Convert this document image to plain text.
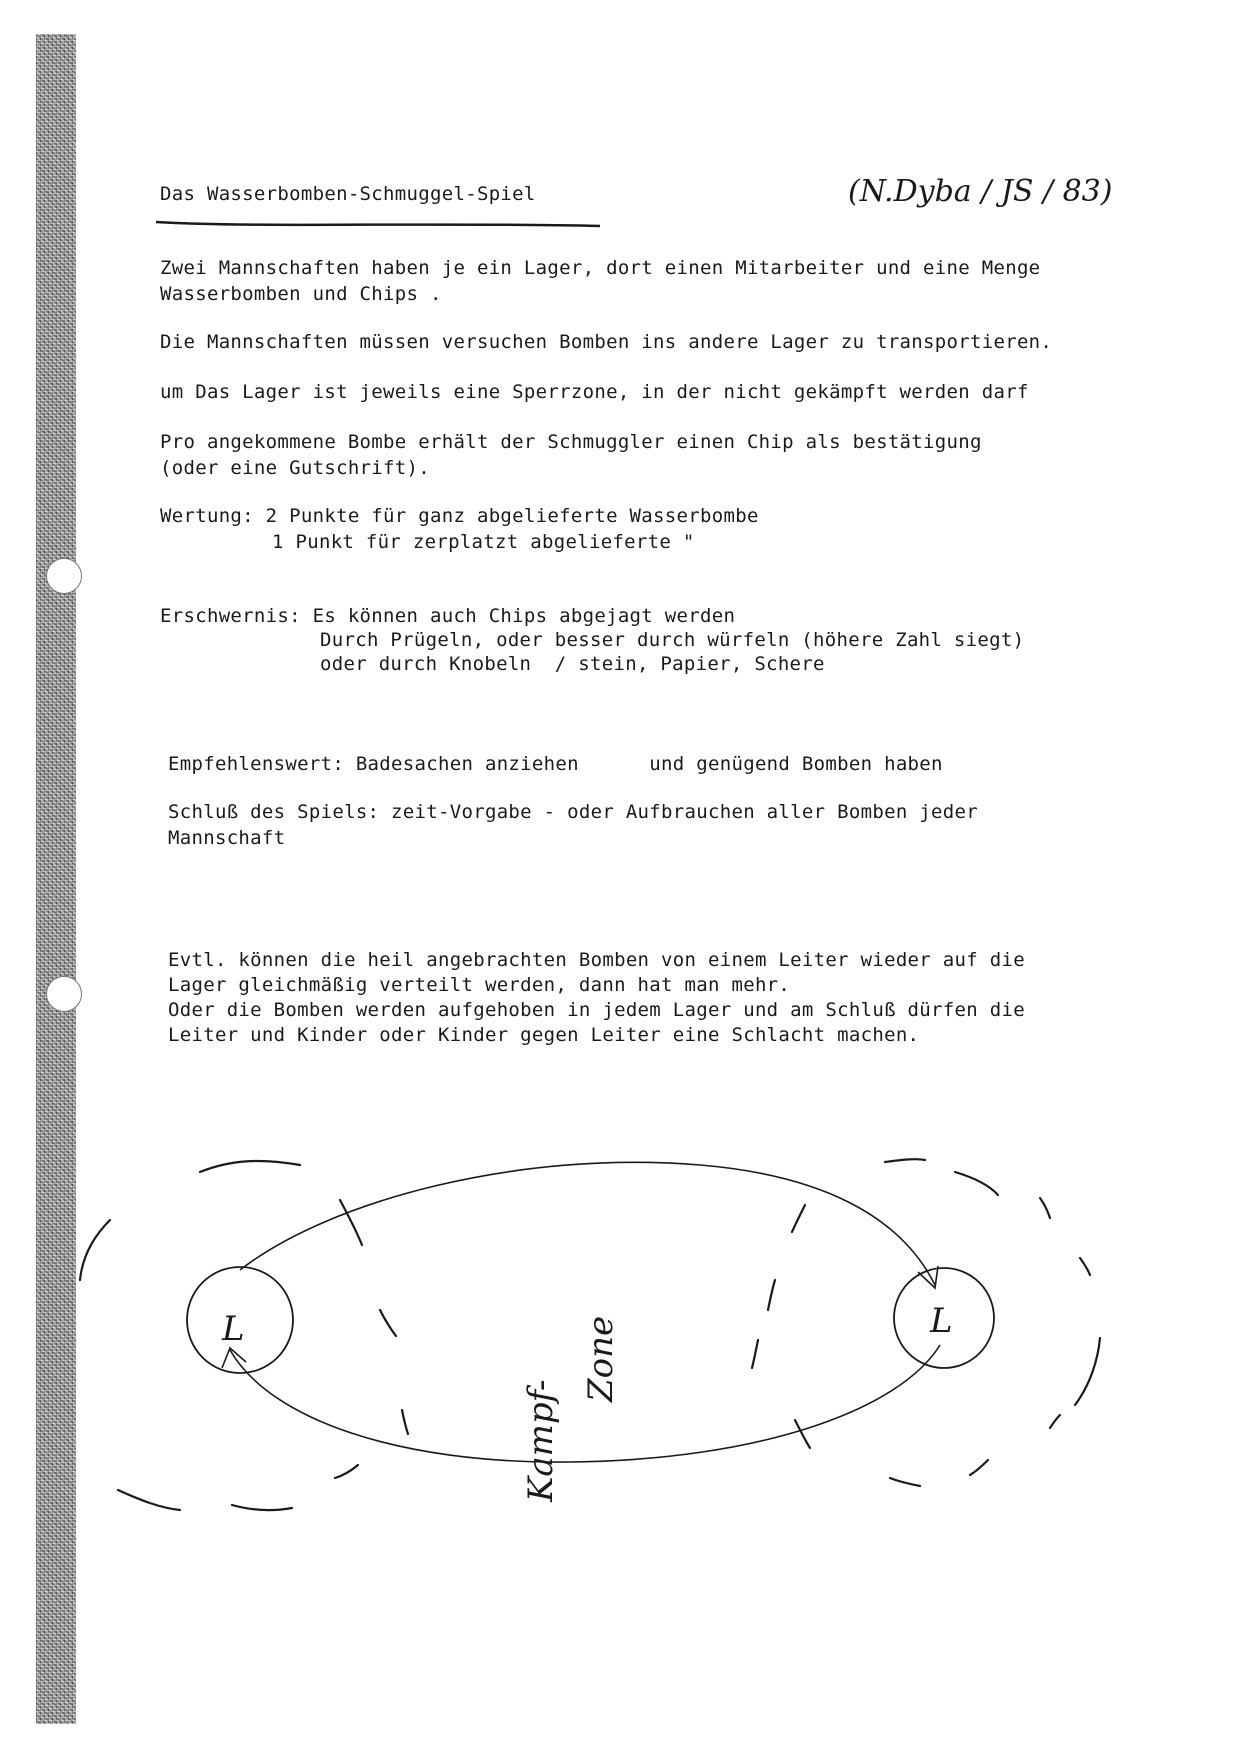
Das Wasserbomben-Schmuggel-Spiel	(N.Dyba / JS / 83)
Zwei Mannschaften haben je ein Lager, dort einen Mitarbeiter und eine Menge
Wasserbomben und Chips .
Die Mannschaften müssen versuchen Bomben ins andere Lager zu transportieren.
um Das Lager ist jeweils eine Sperrzone, in der nicht gekämpft werden darf
Pro angekommene Bombe erhält der Schmuggler einen Chip als bestätigung
(oder eine Gutschrift).
Wertung: 2 Punkte für ganz abgelieferte Wasserbombe
1 Punkt für zerplatzt abgelieferte "
Erschwernis: Es können auch Chips abgejagt werden
Durch Prügeln, oder besser durch würfeln (höhere Zahl siegt)
oder durch Knobeln  / stein, Papier, Schere
Empfehlenswert: Badesachen anziehen      und genügend Bomben haben
Schluß des Spiels: zeit-Vorgabe - oder Aufbrauchen aller Bomben jeder
Mannschaft
Evtl. können die heil angebrachten Bomben von einem Leiter wieder auf die
Lager gleichmäßig verteilt werden, dann hat man mehr.
Oder die Bomben werden aufgehoben in jedem Lager und am Schluß dürfen die
Leiter und Kinder oder Kinder gegen Leiter eine Schlacht machen.
L	L
Kampf-
Zone
